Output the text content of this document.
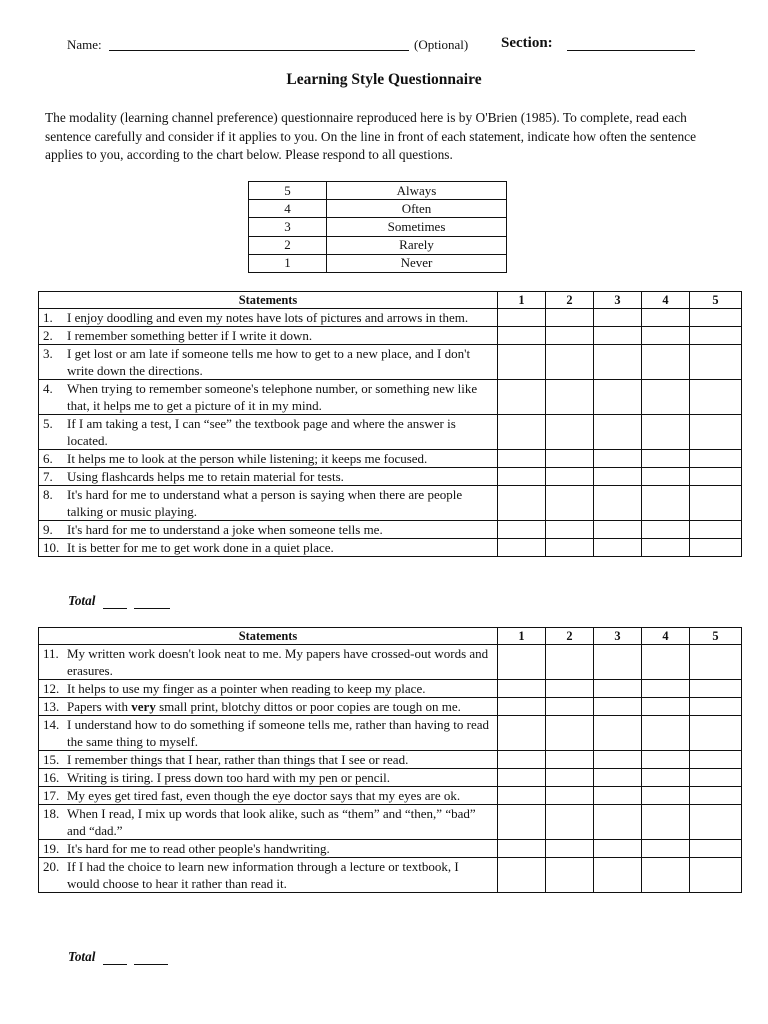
Name:	(Optional) Section:
Learning Style Questionnaire
The modality (learning channel preference) questionnaire reproduced here is by O'Brien (1985). To complete, read each sentence carefully and consider if it applies to you. On the line in front of each statement, indicate how often the sentence applies to you, according to the chart below. Please respond to all questions.
5	Always
4	Often
3	Sometimes
2	Rarely
1	Never
Statements	1	2	3	4	5

1. I enjoy doodling and even my notes have lots of pictures and arrows in them.					

2. I remember something better if I write it down.					

3. I get lost or am late if someone tells me how to get to a new place, and I don't write down the directions.					

4. When trying to remember someone's telephone number, or something new like that, it helps me to get a picture of it in my mind.					

5. If I am taking a test, I can “see” the textbook page and where the answer is located.					

6. It helps me to look at the person while listening; it keeps me focused.					

7. Using flashcards helps me to retain material for tests.					

8. It's hard for me to understand what a person is saying when there are people talking or music playing.					

9. It's hard for me to understand a joke when someone tells me.					

10. It is better for me to get work done in a quiet place.					

Total
Statements	1	2	3	4	5

11. My written work doesn't look neat to me. My papers have crossed-out words and erasures.					

12. It helps to use my finger as a pointer when reading to keep my place.					

13. Papers with very small print, blotchy dittos or poor copies are tough on me.					

14. I understand how to do something if someone tells me, rather than having to read the same thing to myself.					

15. I remember things that I hear, rather than things that I see or read.					

16. Writing is tiring. I press down too hard with my pen or pencil.					

17. My eyes get tired fast, even though the eye doctor says that my eyes are ok.					

18. When I read, I mix up words that look alike, such as “them” and “then,” “bad” and “dad.”					

19. It's hard for me to read other people's handwriting.					

20. If I had the choice to learn new information through a lecture or textbook, I would choose to hear it rather than read it.					

Total
